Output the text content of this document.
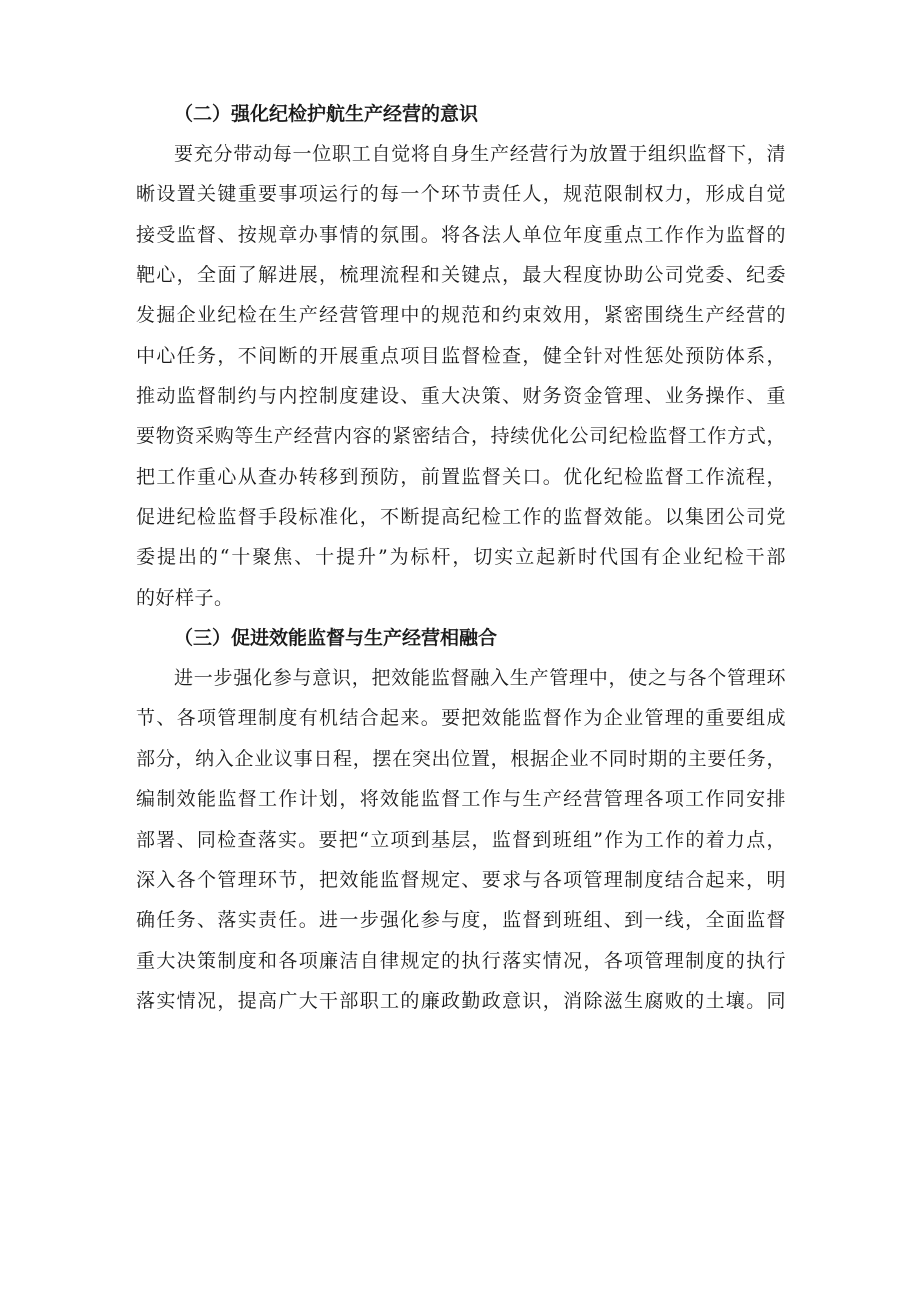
（二）强化纪检护航生产经营的意识
要充分带动每一位职工自觉将自身生产经营行为放置于组织监督下，清
晰设置关键重要事项运行的每一个环节责任人，规范限制权力，形成自觉
接受监督、按规章办事情的氛围。将各法人单位年度重点工作作为监督的
靶心，全面了解进展，梳理流程和关键点，最大程度协助公司党委、纪委
发掘企业纪检在生产经营管理中的规范和约束效用，紧密围绕生产经营的
中心任务，不间断的开展重点项目监督检查，健全针对性惩处预防体系，
推动监督制约与内控制度建设、重大决策、财务资金管理、业务操作、重
要物资采购等生产经营内容的紧密结合，持续优化公司纪检监督工作方式，
把工作重心从查办转移到预防，前置监督关口。优化纪检监督工作流程，
促进纪检监督手段标准化，不断提高纪检工作的监督效能。以集团公司党
委提出的“十聚焦、十提升”为标杆，切实立起新时代国有企业纪检干部
的好样子。
（三）促进效能监督与生产经营相融合
进一步强化参与意识，把效能监督融入生产管理中，使之与各个管理环
节、各项管理制度有机结合起来。要把效能监督作为企业管理的重要组成
部分，纳入企业议事日程，摆在突出位置，根据企业不同时期的主要任务，
编制效能监督工作计划，将效能监督工作与生产经营管理各项工作同安排
部署、同检查落实。要把“立项到基层，监督到班组”作为工作的着力点，
深入各个管理环节，把效能监督规定、要求与各项管理制度结合起来，明
确任务、落实责任。进一步强化参与度，监督到班组、到一线，全面监督
重大决策制度和各项廉洁自律规定的执行落实情况，各项管理制度的执行
落实情况，提高广大干部职工的廉政勤政意识，消除滋生腐败的土壤。同
